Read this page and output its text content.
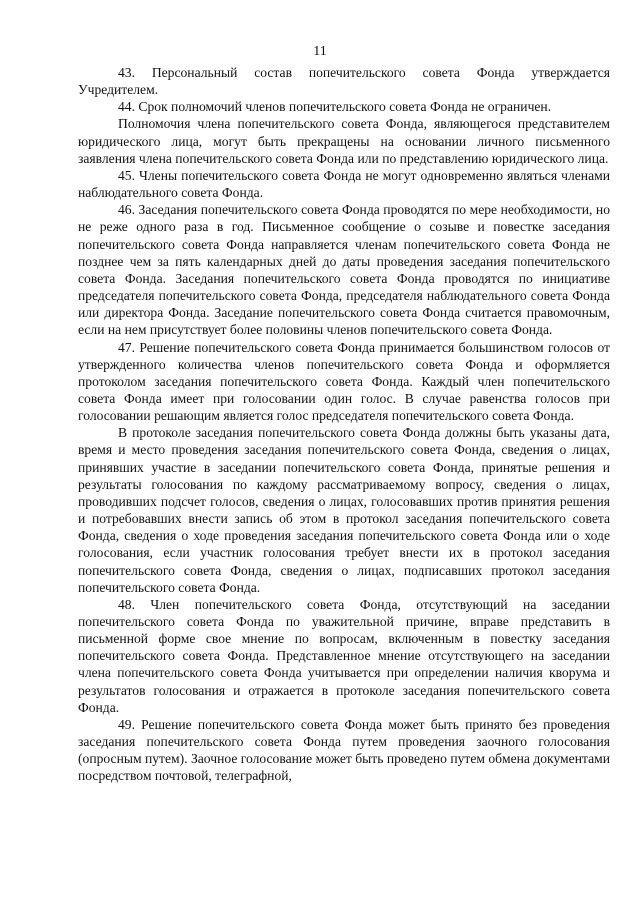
11

43. Персональный состав попечительского совета Фонда утверждается Учредителем.

44. Срок полномочий членов попечительского совета Фонда не ограничен.

Полномочия члена попечительского совета Фонда, являющегося представителем юридического лица, могут быть прекращены на основании личного письменного заявления члена попечительского совета Фонда или по представлению юридического лица.

45. Члены попечительского совета Фонда не могут одновременно являться членами наблюдательного совета Фонда.

46. Заседания попечительского совета Фонда проводятся по мере необходимости, но не реже одного раза в год. Письменное сообщение о созыве и повестке заседания попечительского совета Фонда направляется членам попечительского совета Фонда не позднее чем за пять календарных дней до даты проведения заседания попечительского совета Фонда. Заседания попечительского совета Фонда проводятся по инициативе председателя попечительского совета Фонда, председателя наблюдательного совета Фонда или директора Фонда. Заседание попечительского совета Фонда считается правомочным, если на нем присутствует более половины членов попечительского совета Фонда.

47. Решение попечительского совета Фонда принимается большинством голосов от утвержденного количества членов попечительского совета Фонда и оформляется протоколом заседания попечительского совета Фонда. Каждый член попечительского совета Фонда имеет при голосовании один голос. В случае равенства голосов при голосовании решающим является голос председателя попечительского совета Фонда.

В протоколе заседания попечительского совета Фонда должны быть указаны дата, время и место проведения заседания попечительского совета Фонда, сведения о лицах, принявших участие в заседании попечительского совета Фонда, принятые решения и результаты голосования по каждому рассматриваемому вопросу, сведения о лицах, проводивших подсчет голосов, сведения о лицах, голосовавших против принятия решения и потребовавших внести запись об этом в протокол заседания попечительского совета Фонда, сведения о ходе проведения заседания попечительского совета Фонда или о ходе голосования, если участник голосования требует внести их в протокол заседания попечительского совета Фонда, сведения о лицах, подписавших протокол заседания попечительского совета Фонда.

48. Член попечительского совета Фонда, отсутствующий на заседании попечительского совета Фонда по уважительной причине, вправе представить в письменной форме свое мнение по вопросам, включенным в повестку заседания попечительского совета Фонда. Представленное мнение отсутствующего на заседании члена попечительского совета Фонда учитывается при определении наличия кворума и результатов голосования и отражается в протоколе заседания попечительского совета Фонда.

49. Решение попечительского совета Фонда может быть принято без проведения заседания попечительского совета Фонда путем проведения заочного голосования (опросным путем). Заочное голосование может быть проведено путем обмена документами посредством почтовой, телеграфной,
